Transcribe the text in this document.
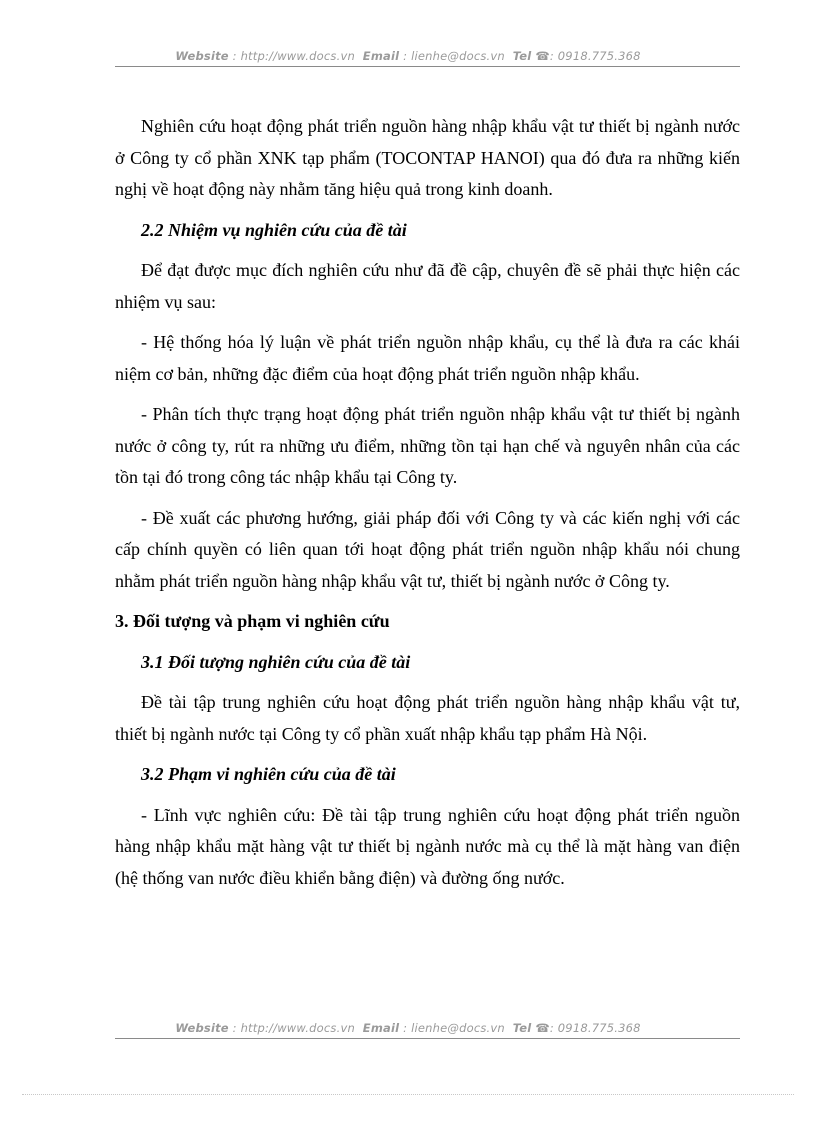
Website : http://www.docs.vn Email : lienhe@docs.vn Tel ☎: 0918.775.368

Nghiên cứu hoạt động phát triển nguồn hàng nhập khẩu vật tư thiết bị ngành nước ở Công ty cổ phần XNK tạp phẩm (TOCONTAP HANOI) qua đó đưa ra những kiến nghị về hoạt động này nhằm tăng hiệu quả trong kinh doanh.

2.2 Nhiệm vụ nghiên cứu của đề tài

Để đạt được mục đích nghiên cứu như đã đề cập, chuyên đề sẽ phải thực hiện các nhiệm vụ sau:

- Hệ thống hóa lý luận về phát triển nguồn nhập khẩu, cụ thể là đưa ra các khái niệm cơ bản, những đặc điểm của hoạt động phát triển nguồn nhập khẩu.

- Phân tích thực trạng hoạt động phát triển nguồn nhập khẩu vật tư thiết bị ngành nước ở công ty, rút ra những ưu điểm, những tồn tại hạn chế và nguyên nhân của các tồn tại đó trong công tác nhập khẩu tại Công ty.

- Đề xuất các phương hướng, giải pháp đối với Công ty và các kiến nghị với các cấp chính quyền có liên quan tới hoạt động phát triển nguồn nhập khẩu nói chung nhằm phát triển nguồn hàng nhập khẩu vật tư, thiết bị ngành nước ở Công ty.

3. Đối tượng và phạm vi nghiên cứu

3.1 Đối tượng nghiên cứu của đề tài

Đề tài tập trung nghiên cứu hoạt động phát triển nguồn hàng nhập khẩu vật tư, thiết bị ngành nước tại Công ty cổ phần xuất nhập khẩu tạp phẩm Hà Nội.

3.2 Phạm vi nghiên cứu của đề tài

- Lĩnh vực nghiên cứu: Đề tài tập trung nghiên cứu hoạt động phát triển nguồn hàng nhập khẩu mặt hàng vật tư thiết bị ngành nước mà cụ thể là mặt hàng van điện (hệ thống van nước điều khiển bằng điện) và đường ống nước.

Website : http://www.docs.vn Email : lienhe@docs.vn Tel ☎: 0918.775.368
